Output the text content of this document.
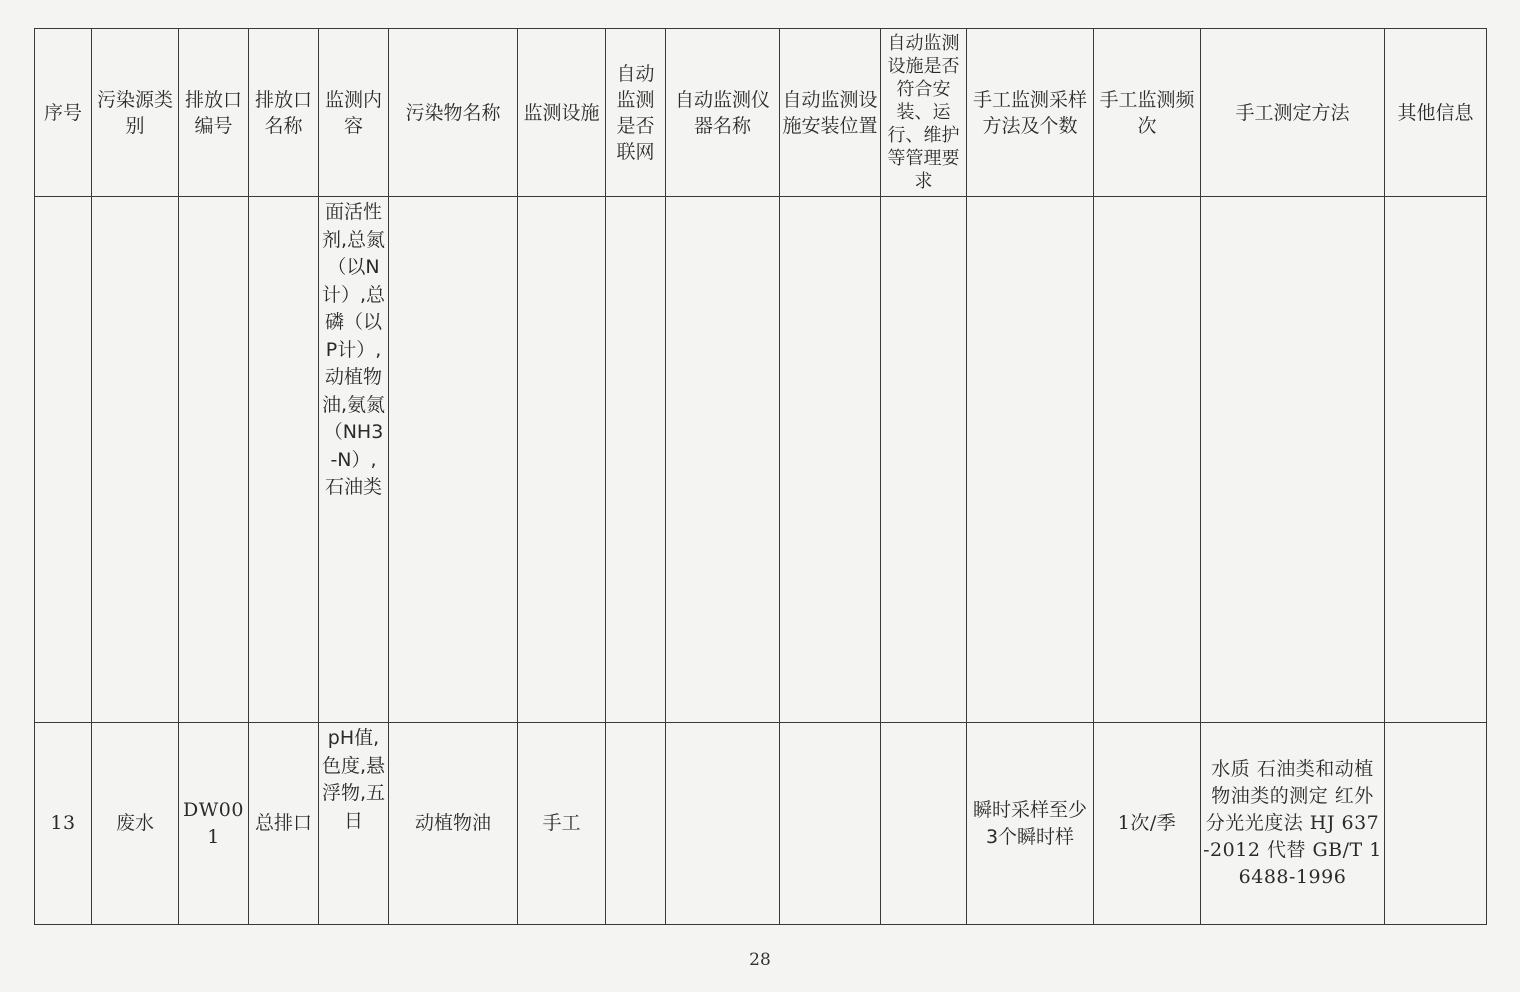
序号	污染源类别	排放口编号	排放口名称	监测内容	污染物名称	监测设施	自动监测是否联网	自动监测仪器名称	自动监测设施安装位置	自动监测设施是否符合安装、运行、维护等管理要求	手工监测采样方法及个数	手工监测频次	手工测定方法	其他信息
				面活性剂,总氮（以N计）,总磷（以P计）,动植物油,氨氮（NH3-N）,石油类										
13	废水	DW001	总排口	pH值,色度,悬浮物,五日	动植物油	手工					瞬时采样至少3个瞬时样	1次/季	水质 石油类和动植物油类的测定 红外分光光度法 HJ 637-2012 代替 GB/T 16488-1996	
28
